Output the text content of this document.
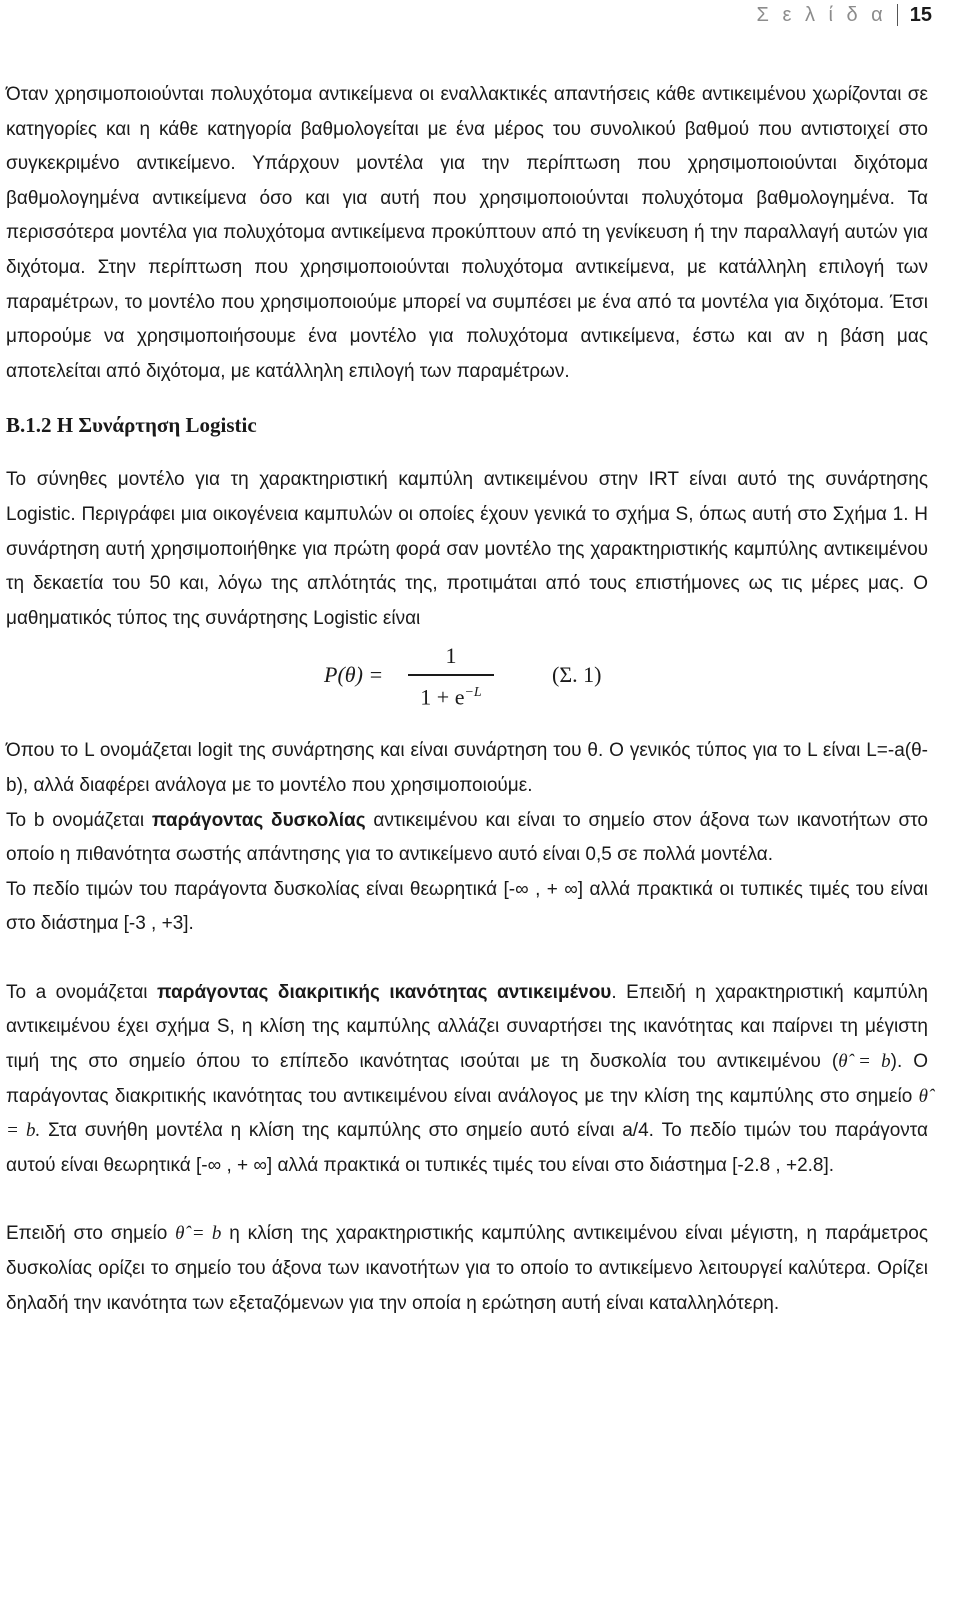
Σ ε λ ί δ α 15

Όταν χρησιμοποιούνται πολυχότομα αντικείμενα οι εναλλακτικές απαντήσεις κάθε αντικειμένου χωρίζονται σε κατηγορίες και η κάθε κατηγορία βαθμολογείται με ένα μέρος του συνολικού βαθμού που αντιστοιχεί στο συγκεκριμένο αντικείμενο. Υπάρχουν μοντέλα για την περίπτωση που χρησιμοποιούνται διχότομα βαθμολογημένα αντικείμενα όσο και για αυτή που χρησιμοποιούνται πολυχότομα βαθμολογημένα. Τα περισσότερα μοντέλα για πολυχότομα αντικείμενα προκύπτουν από τη γενίκευση ή την παραλλαγή αυτών για διχότομα. Στην περίπτωση που χρησιμοποιούνται πολυχότομα αντικείμενα, με κατάλληλη επιλογή των παραμέτρων, το μοντέλο που χρησιμοποιούμε μπορεί να συμπέσει με ένα από τα μοντέλα για διχότομα. Έτσι μπορούμε να χρησιμοποιήσουμε ένα μοντέλο για πολυχότομα αντικείμενα, έστω και αν η βάση μας αποτελείται από διχότομα, με κατάλληλη επιλογή των παραμέτρων.

Β.1.2 Η Συνάρτηση Logistic

Το σύνηθες μοντέλο για τη χαρακτηριστική καμπύλη αντικειμένου στην IRT είναι αυτό της συνάρτησης Logistic. Περιγράφει μια οικογένεια καμπυλών οι οποίες έχουν γενικά το σχήμα S, όπως αυτή στο Σχήμα 1. Η συνάρτηση αυτή χρησιμοποιήθηκε για πρώτη φορά σαν μοντέλο της χαρακτηριστικής καμπύλης αντικειμένου τη δεκαετία του 50 και, λόγω της απλότητάς της, προτιμάται από τους επιστήμονες ως τις μέρες μας. Ο μαθηματικός τύπος της συνάρτησης Logistic είναι

P(θ) =
1
$1 + e^{-L}$
(Σ. 1)

Όπου το L ονομάζεται logit της συνάρτησης και είναι συνάρτηση του θ. Ο γενικός τύπος για το L είναι L=-a(θ-b), αλλά διαφέρει ανάλογα με το μοντέλο που χρησιμοποιούμε.

Το b ονομάζεται παράγοντας δυσκολίας αντικειμένου και είναι το σημείο στον άξονα των ικανοτήτων στο οποίο η πιθανότητα σωστής απάντησης για το αντικείμενο αυτό είναι 0,5 σε πολλά μοντέλα.

Το πεδίο τιμών του παράγοντα δυσκολίας είναι θεωρητικά [-∞ , + ∞] αλλά πρακτικά οι τυπικές τιμές του είναι στο διάστημα [-3 , +3].

Το a ονομάζεται παράγοντας διακριτικής ικανότητας αντικειμένου. Επειδή η χαρακτηριστική καμπύλη αντικειμένου έχει σχήμα S, η κλίση της καμπύλης αλλάζει συναρτήσει της ικανότητας και παίρνει τη μέγιστη τιμή της στο σημείο όπου το επίπεδο ικανότητας ισούται με τη δυσκολία του αντικειμένου (θ̂ = b). Ο παράγοντας διακριτικής ικανότητας του αντικειμένου είναι ανάλογος με την κλίση της καμπύλης στο σημείο θ̂ = b. Στα συνήθη μοντέλα η κλίση της καμπύλης στο σημείο αυτό είναι a/4. Το πεδίο τιμών του παράγοντα αυτού είναι θεωρητικά [-∞ , + ∞] αλλά πρακτικά οι τυπικές τιμές του είναι στο διάστημα [-2.8 , +2.8].

Επειδή στο σημείο θ̂ = b η κλίση της χαρακτηριστικής καμπύλης αντικειμένου είναι μέγιστη, η παράμετρος δυσκολίας ορίζει το σημείο του άξονα των ικανοτήτων για το οποίο το αντικείμενο λειτουργεί καλύτερα. Ορίζει δηλαδή την ικανότητα των εξεταζόμενων για την οποία η ερώτηση αυτή είναι καταλληλότερη.
